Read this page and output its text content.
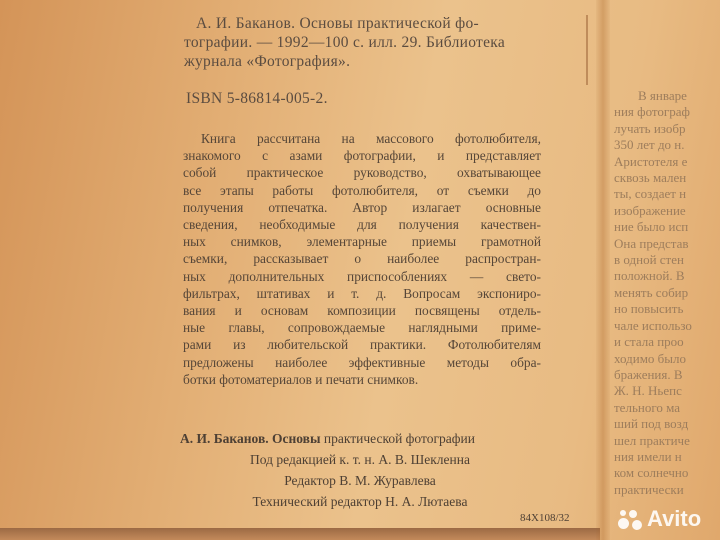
А. И. Баканов. Основы практической фо-

тографии. — 1992—100 с. илл. 29. Библиотека

журнала «Фотография».

ISBN 5-86814-005-2.
Книга рассчитана на массового фотолюбителя,
знакомого с азами фотографии, и представляет
собой практическое руководство, охватывающее
все этапы работы фотолюбителя, от съемки до
получения отпечатка. Автор излагает основные
сведения, необходимые для получения качествен-
ных снимков, элементарные приемы грамотной
съемки, рассказывает о наиболее распростран-
ных дополнительных приспособлениях — свето-
фильтрах, штативах и т. д. Вопросам экспониро-
вания и основам композиции посвящены отдель-
ные главы, сопровождаемые наглядными приме-
рами из любительской практики. Фотолюбителям
предложены наиболее эффективные методы обра-
ботки фотоматериалов и печати снимков.
А. И. Баканов. Основы практической фотографии
Под редакцией к. т. н. А. В. Шекленна
Редактор В. М. Журавлева
Технический редактор Н. А. Лютаева
84Х108/32
В январе
ния фотограф
лучать изобр
350 лет до н.
Аристотеля е
сквозь мален
ты, создает н
изображение
ние было исп
Она представ
в одной стен
положной. В
менять собир
но повысить
чале использо
и стала проо
ходимо было
бражения. В
Ж. Н. Ньепс
тельного ма
ший под возд
шел практиче
ния имели н
ком солнечно
практически
Avito
